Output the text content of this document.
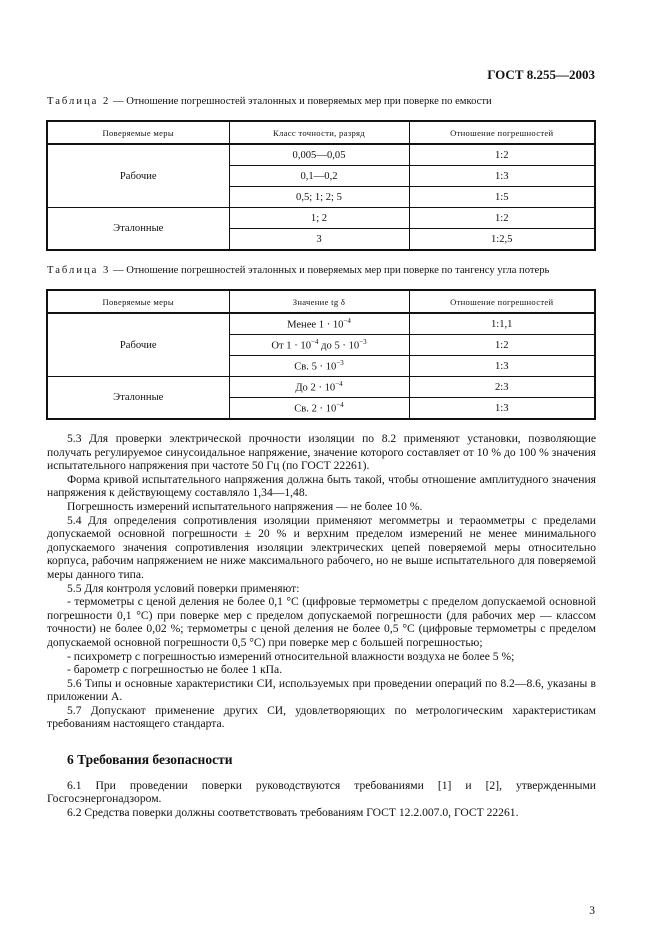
ГОСТ 8.255—2003
Таблица 2 — Отношение погрешностей эталонных и поверяемых мер при поверке по емкости
Поверяемые меры	Класс точности, разряд	Отношение погрешностей
Рабочие	0,005—0,05	1:2
	0,1—0,2	1:3
	0,5; 1; 2; 5	1:5
Эталонные	1; 2	1:2
	3	1:2,5
Таблица 3 — Отношение погрешностей эталонных и поверяемых мер при поверке по тангенсу угла потерь
Поверяемые меры	Значение tg δ	Отношение погрешностей
Рабочие	Менее $1 \cdot 10^{-4}$	1:1,1
	От $1 \cdot 10^{-4}$ до $5 \cdot 10^{-3}$	1:2
	Св. $5 \cdot 10^{-3}$	1:3
Эталонные	До $2 \cdot 10^{-4}$	2:3
	Св. $2 \cdot 10^{-4}$	1:3

5.3 Для проверки электрической прочности изоляции по 8.2 применяют установки, позволяющие получать регулируемое синусоидальное напряжение, значение которого составляет от 10 % до 100 % значения испытательного напряжения при частоте 50 Гц (по ГОСТ 22261).

Форма кривой испытательного напряжения должна быть такой, чтобы отношение амплитудного значения напряжения к действующему составляло 1,34—1,48.

Погрешность измерений испытательного напряжения — не более 10 %.

5.4 Для определения сопротивления изоляции применяют мегомметры и тераомметры с пределами допускаемой основной погрешности ± 20 % и верхним пределом измерений не менее минимального допускаемого значения сопротивления изоляции электрических цепей поверяемой меры относительно корпуса, рабочим напряжением не ниже максимального рабочего, но не выше испытательного для поверяемой меры данного типа.

5.5 Для контроля условий поверки применяют:

- термометры с ценой деления не более 0,1 °С (цифровые термометры с пределом допускаемой основной погрешности 0,1 °С) при поверке мер с пределом допускаемой погрешности (для рабочих мер — классом точности) не более 0,02 %; термометры с ценой деления не более 0,5 °С (цифровые термометры с пределом допускаемой основной погрешности 0,5 °С) при поверке мер с большей погрешностью;

- психрометр с погрешностью измерений относительной влажности воздуха не более 5 %;

- барометр с погрешностью не более 1 кПа.

5.6 Типы и основные характеристики СИ, используемых при проведении операций по 8.2—8.6, указаны в приложении А.

5.7 Допускают применение других СИ, удовлетворяющих по метрологическим характеристикам требованиям настоящего стандарта.

6 Требования безопасности

6.1 При проведении поверки руководствуются требованиями [1] и [2], утвержденными Госгосэнергонадзором.

6.2 Средства поверки должны соответствовать требованиям ГОСТ 12.2.007.0, ГОСТ 22261.

3
